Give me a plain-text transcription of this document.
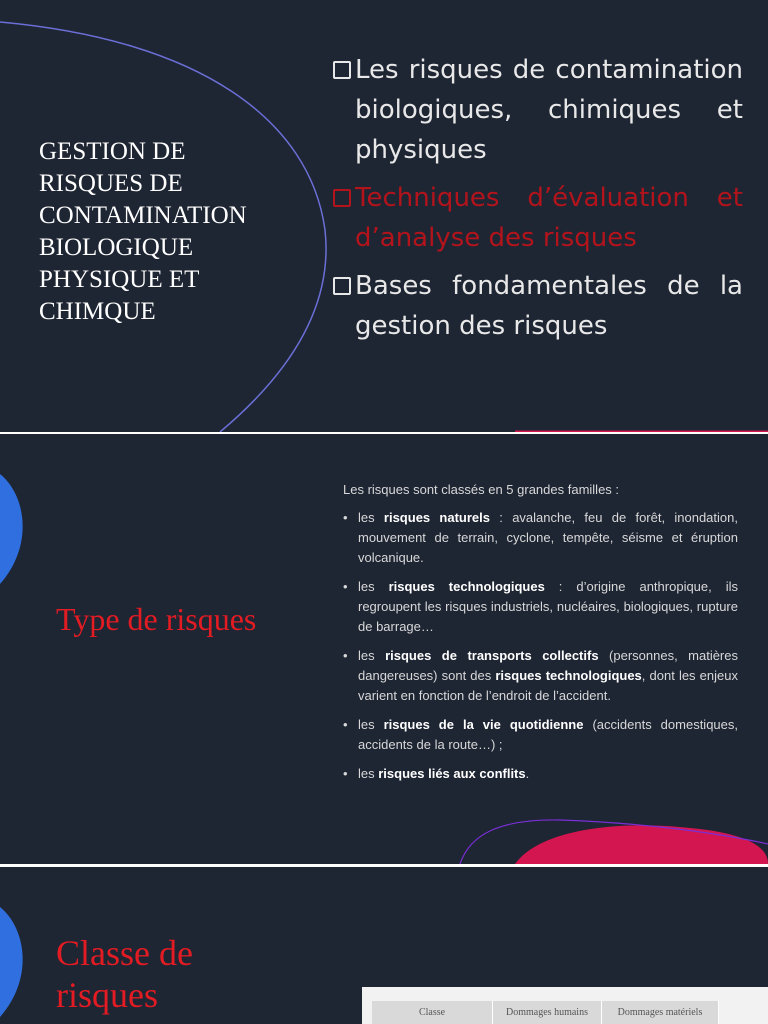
GESTION DE
RISQUES DE
CONTAMINATION
BIOLOGIQUE
PHYSIQUE ET
CHIMQUE
Les risques de contamination
biologiques, chimiques et
physiques
Techniques d’évaluation et
d’analyse des risques
Bases fondamentales de la
gestion des risques
Type de risques

Les risques sont classés en 5 grandes familles :

• les risques naturels : avalanche, feu de forêt, inondation, mouvement de terrain, cyclone, tempête, séisme et éruption volcanique.
• les risques technologiques : d’origine anthropique, ils regroupent les risques industriels, nucléaires, biologiques, rupture de barrage…
• les risques de transports collectifs (personnes, matières dangereuses) sont des risques technologiques, dont les enjeux varient en fonction de l’endroit de l’accident.
• les risques de la vie quotidienne (accidents domestiques, accidents de la route…) ;
• les risques liés aux conflits.
Classe de
risques	Classe	Dommages humains	Dommages matériels
